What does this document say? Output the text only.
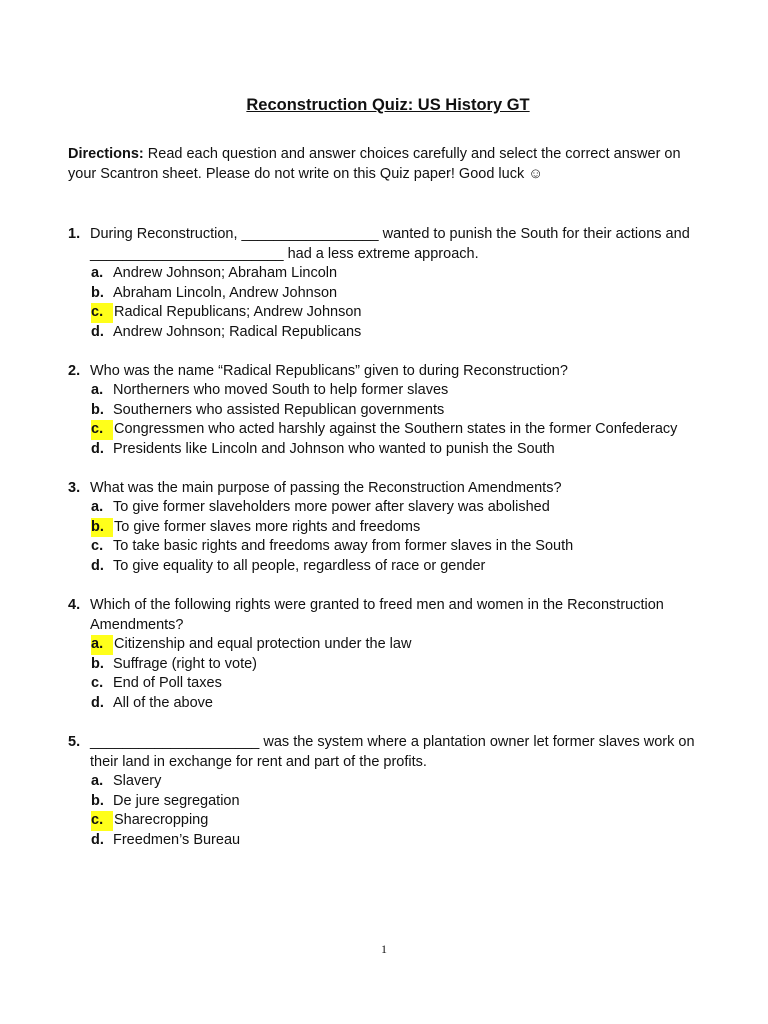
Reconstruction Quiz: US History GT
Directions: Read each question and answer choices carefully and select the correct answer on your Scantron sheet. Please do not write on this Quiz paper! Good luck ☺
1. During Reconstruction, _________________ wanted to punish the South for their actions and ________________________ had a less extreme approach.
a. Andrew Johnson; Abraham Lincoln
b. Abraham Lincoln, Andrew Johnson
c. Radical Republicans; Andrew Johnson
d. Andrew Johnson; Radical Republicans
2. Who was the name “Radical Republicans” given to during Reconstruction?
a. Northerners who moved South to help former slaves
b. Southerners who assisted Republican governments
c. Congressmen who acted harshly against the Southern states in the former Confederacy
d. Presidents like Lincoln and Johnson who wanted to punish the South
3. What was the main purpose of passing the Reconstruction Amendments?
a. To give former slaveholders more power after slavery was abolished
b. To give former slaves more rights and freedoms
c. To take basic rights and freedoms away from former slaves in the South
d. To give equality to all people, regardless of race or gender
4. Which of the following rights were granted to freed men and women in the Reconstruction Amendments?
a. Citizenship and equal protection under the law
b. Suffrage (right to vote)
c. End of Poll taxes
d. All of the above
5. _____________________ was the system where a plantation owner let former slaves work on their land in exchange for rent and part of the profits.
a. Slavery
b. De jure segregation
c. Sharecropping
d. Freedmen’s Bureau
1
